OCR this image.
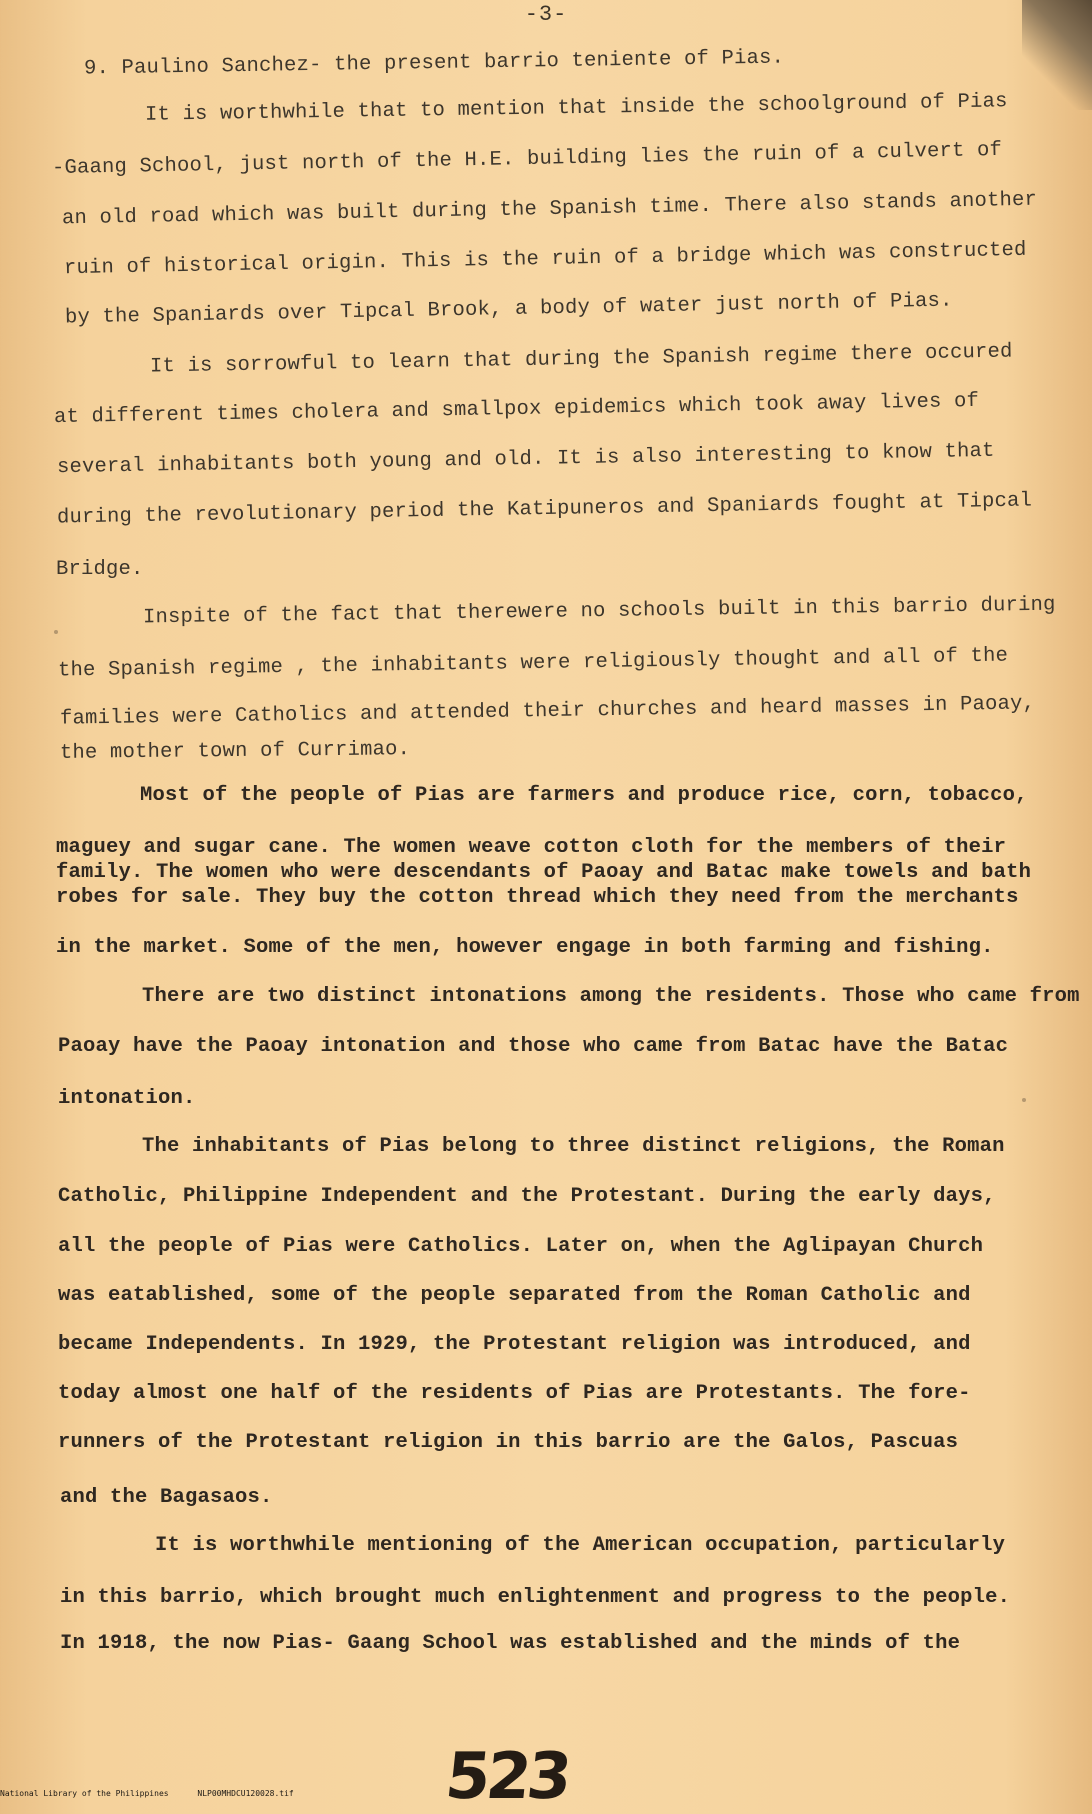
-3-
9. Paulino Sanchez- the present barrio teniente of Pias.
It is worthwhile that to mention that inside the schoolground of Pias
-Gaang School, just north of the H.E. building lies the ruin of a culvert of
an old road which was built during the Spanish time. There also stands another
ruin of historical origin. This is the ruin of a bridge which was constructed
by the Spaniards over Tipcal Brook, a body of water just north of Pias.
It is sorrowful to learn that during the Spanish regime there occured
at different times cholera and smallpox epidemics which took away lives of
several inhabitants both young and old. It is also interesting to know that
during the revolutionary period the Katipuneros and Spaniards fought at Tipcal
Bridge.
Inspite of the fact that therewere no schools built in this barrio during
the Spanish regime , the inhabitants were religiously thought and all of the
families were Catholics and attended their churches and heard masses in Paoay,
the mother town of Currimao.
Most of the people of Pias are farmers and produce rice, corn, tobacco,
maguey and sugar cane. The women weave cotton cloth for the members of their
family. The women who were descendants of Paoay and Batac make towels and bath
robes for sale. They buy the cotton thread which they need from the merchants
in the market. Some of the men, however engage in both farming and fishing.
There are two distinct intonations among the residents. Those who came from
Paoay have the Paoay intonation and those who came from Batac have the Batac
intonation.
The inhabitants of Pias belong to three distinct religions, the Roman
Catholic, Philippine Independent and the Protestant. During the early days,
all the people of Pias were Catholics. Later on, when the Aglipayan Church
was eatablished, some of the people separated from the Roman Catholic and
became Independents. In 1929, the Protestant religion was introduced, and
today almost one half of the residents of Pias are Protestants. The fore-
runners of the Protestant religion in this barrio are the Galos, Pascuas
and the Bagasaos.
It is worthwhile mentioning of the American occupation, particularly
in this barrio, which brought much enlightenment and progress to the people.
In 1918, the now Pias- Gaang School was established and the minds of the
523
National Library of the Philippines	NLP00MHDCU120028.tif
